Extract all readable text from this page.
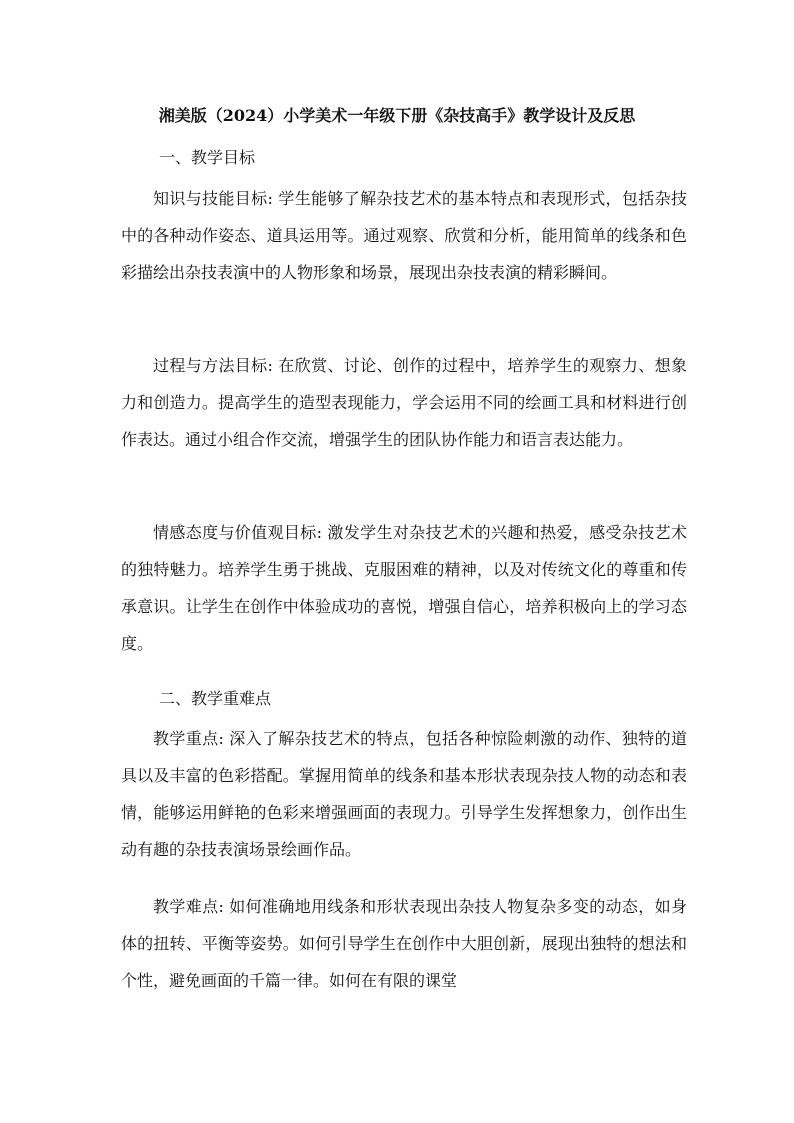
湘美版（2024）小学美术一年级下册《杂技高手》教学设计及反思
一、教学目标

知识与技能目标: 学生能够了解杂技艺术的基本特点和表现形式，包括杂技中的各种动作姿态、道具运用等。通过观察、欣赏和分析，能用简单的线条和色彩描绘出杂技表演中的人物形象和场景，展现出杂技表演的精彩瞬间。

过程与方法目标: 在欣赏、讨论、创作的过程中，培养学生的观察力、想象力和创造力。提高学生的造型表现能力，学会运用不同的绘画工具和材料进行创作表达。通过小组合作交流，增强学生的团队协作能力和语言表达能力。

情感态度与价值观目标: 激发学生对杂技艺术的兴趣和热爱，感受杂技艺术的独特魅力。培养学生勇于挑战、克服困难的精神，以及对传统文化的尊重和传承意识。让学生在创作中体验成功的喜悦，增强自信心，培养积极向上的学习态度。

二、教学重难点

教学重点: 深入了解杂技艺术的特点，包括各种惊险刺激的动作、独特的道具以及丰富的色彩搭配。掌握用简单的线条和基本形状表现杂技人物的动态和表情，能够运用鲜艳的色彩来增强画面的表现力。引导学生发挥想象力，创作出生动有趣的杂技表演场景绘画作品。

教学难点: 如何准确地用线条和形状表现出杂技人物复杂多变的动态，如身体的扭转、平衡等姿势。如何引导学生在创作中大胆创新，展现出独特的想法和个性，避免画面的千篇一律。如何在有限的课堂
